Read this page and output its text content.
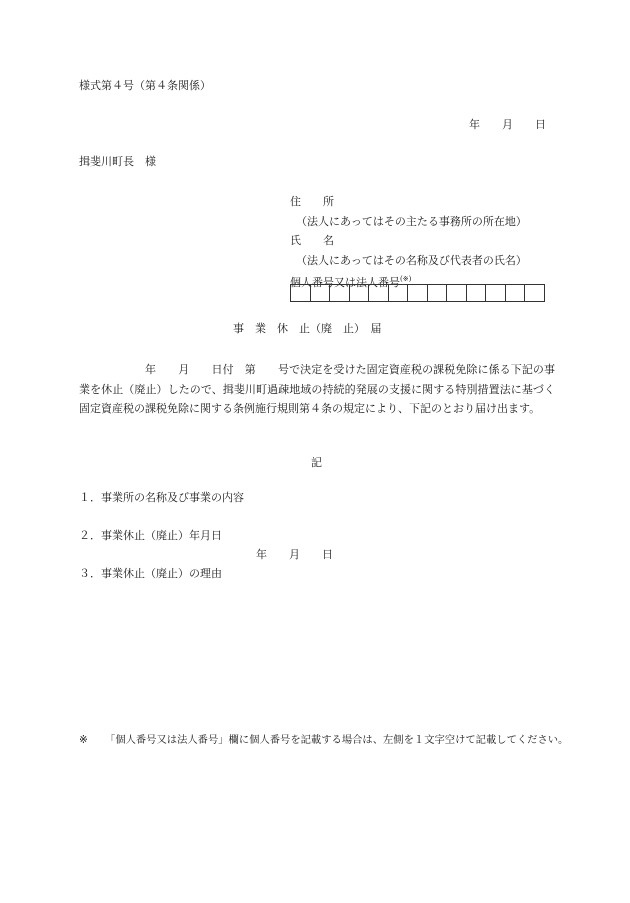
様式第４号（第４条関係）
年　　月　　日
揖斐川町長　様
住　　所
（法人にあってはその主たる事務所の所在地）
氏　　名
（法人にあってはその名称及び代表者の氏名）
個人番号又は法人番号(※)
事　業　休　止（廃　止）　届
年　　月　　日付　第　　号で決定を受けた固定資産税の課税免除に係る下記の事業を休止（廃止）したので、揖斐川町過疎地域の持続的発展の支援に関する特別措置法に基づく固定資産税の課税免除に関する条例施行規則第４条の規定により、下記のとおり届け出ます。
記
１．事業所の名称及び事業の内容
２．事業休止（廃止）年月日
年　　月　　日
３．事業休止（廃止）の理由
※ 「個人番号又は法人番号」欄に個人番号を記載する場合は、左側を１文字空けて記載してください。
